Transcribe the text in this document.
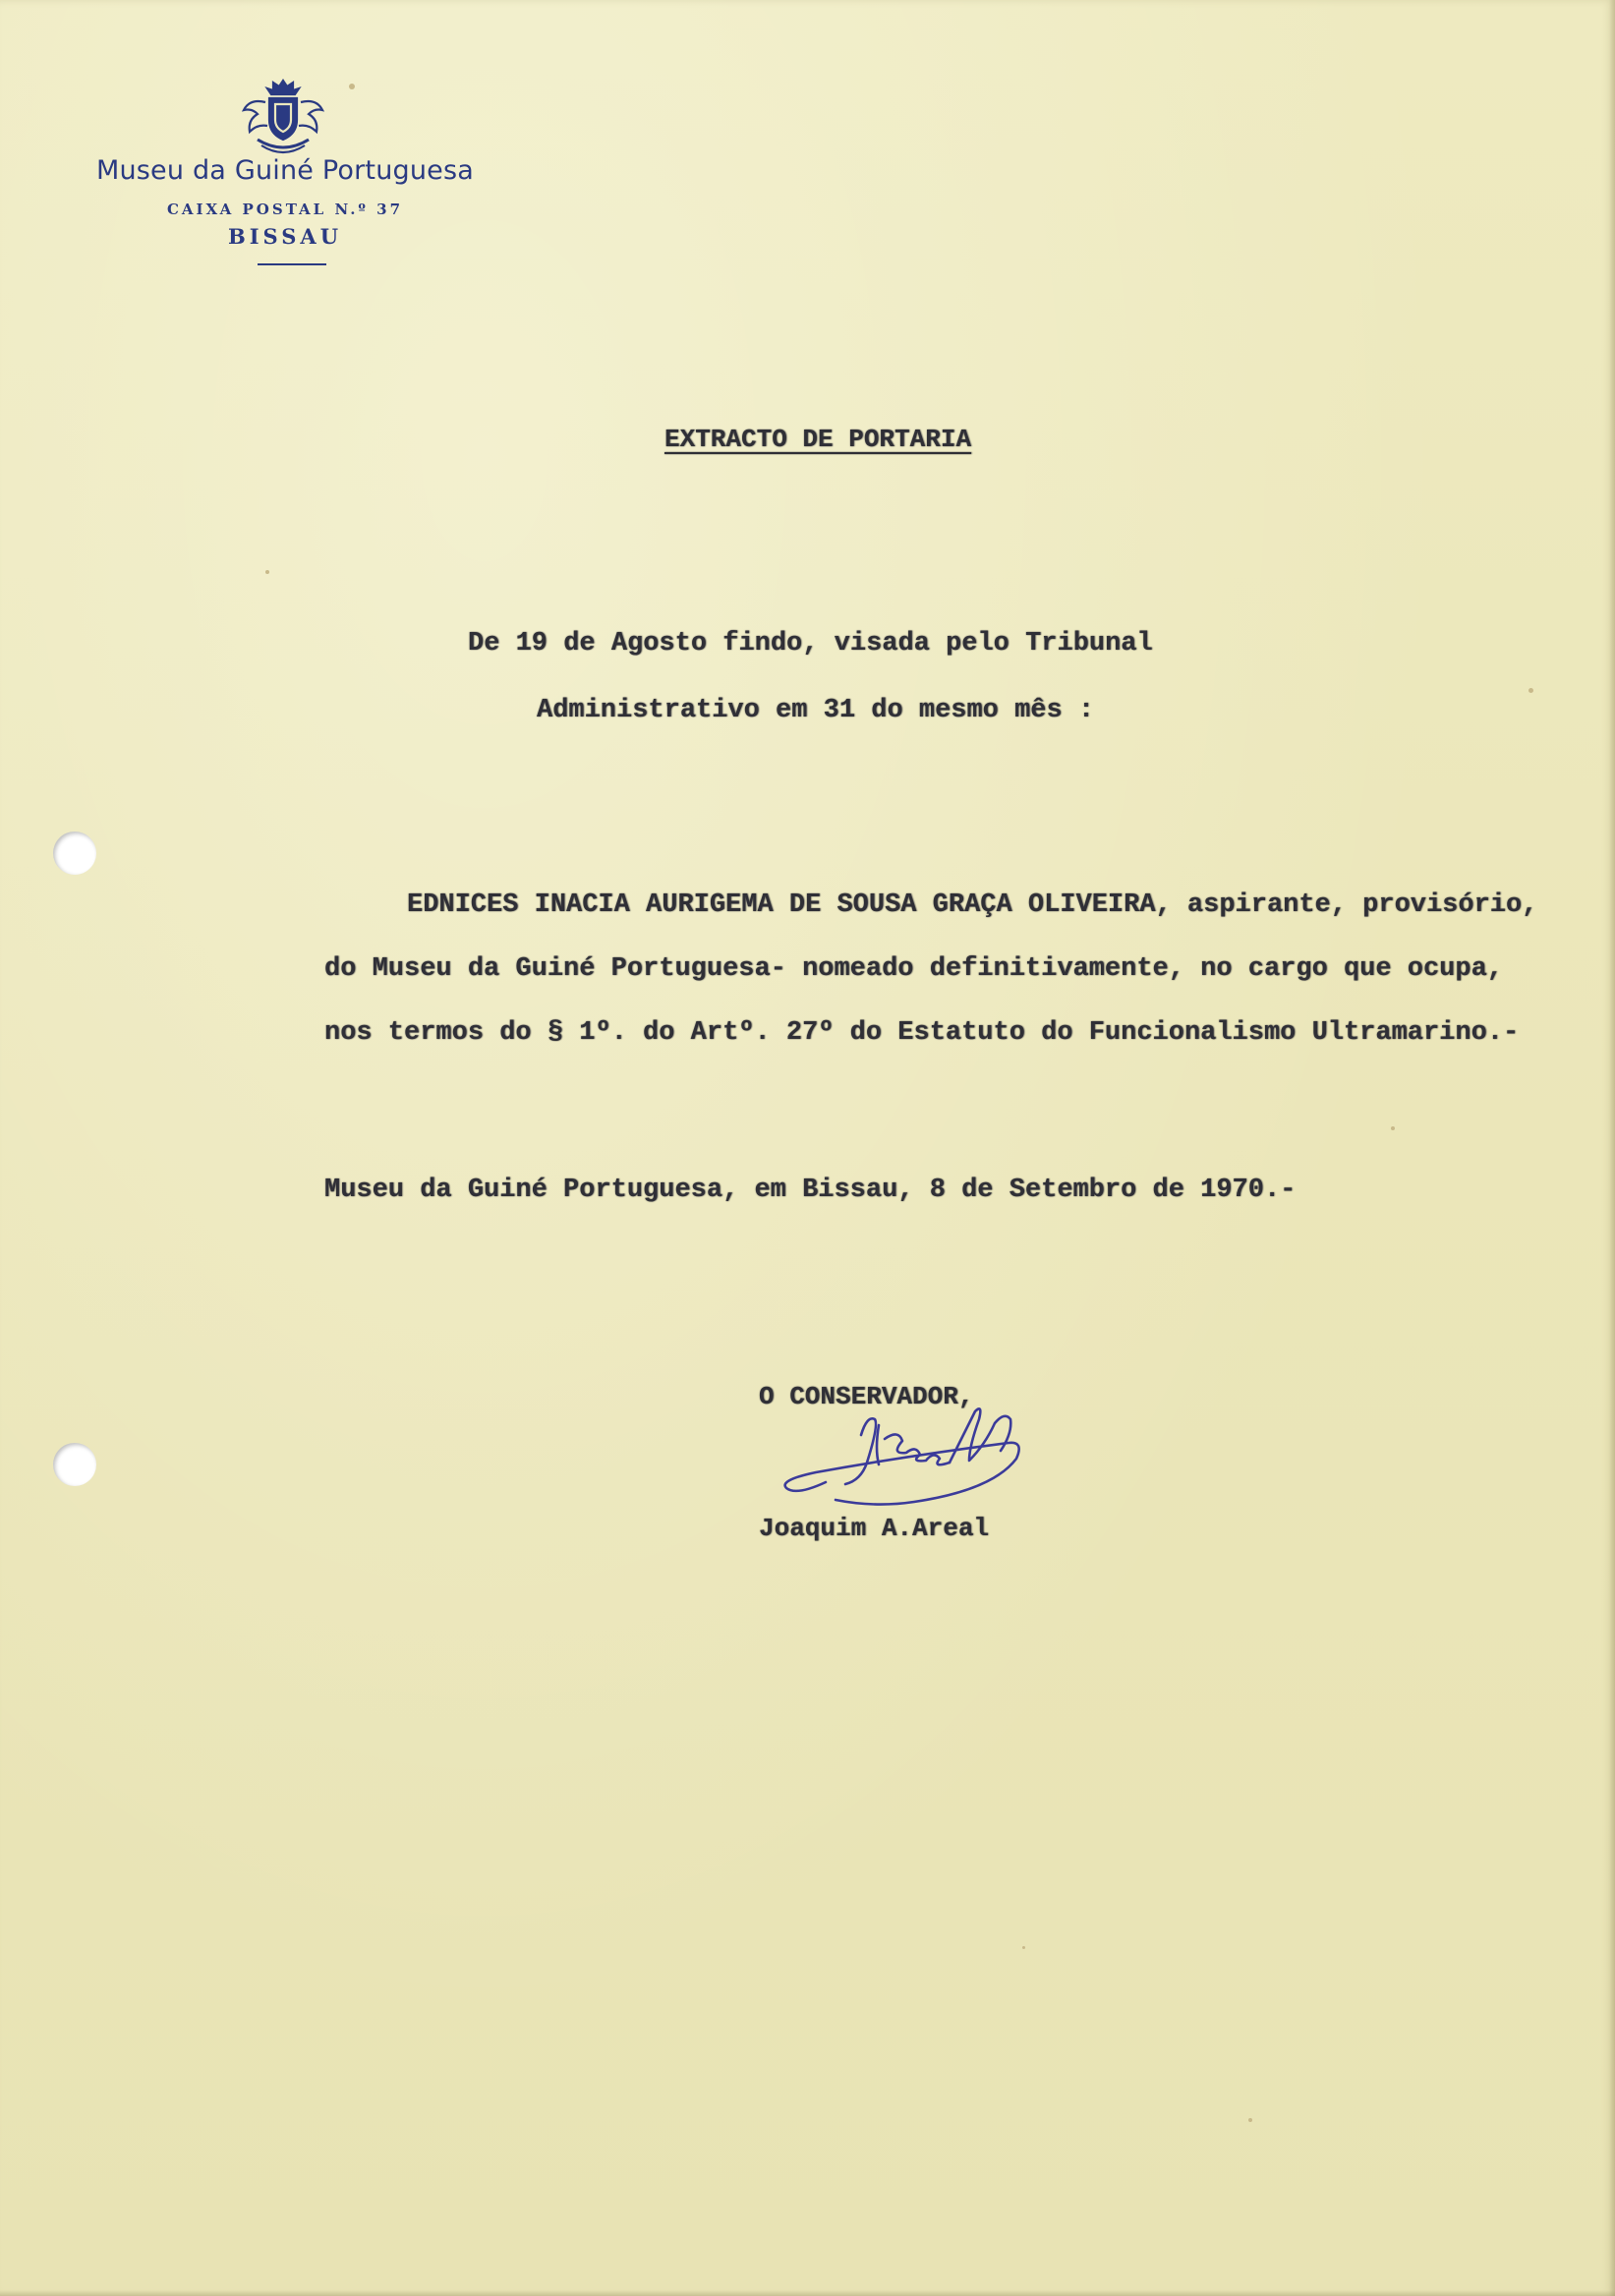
Museu da Guiné Portuguesa
CAIXA POSTAL N.º 37
BISSAU
EXTRACTO DE PORTARIA
De 19 de Agosto findo, visada pelo Tribunal
Administrativo em 31 do mesmo mês :
EDNICES INACIA AURIGEMA DE SOUSA GRAÇA OLIVEIRA, aspirante, provisório,
do Museu da Guiné Portuguesa- nomeado definitivamente, no cargo que ocupa,
nos termos do § 1º. do Artº. 27º do Estatuto do Funcionalismo Ultramarino.-
Museu da Guiné Portuguesa, em Bissau, 8 de Setembro de 1970.-
O CONSERVADOR,
Joaquim A.Areal
